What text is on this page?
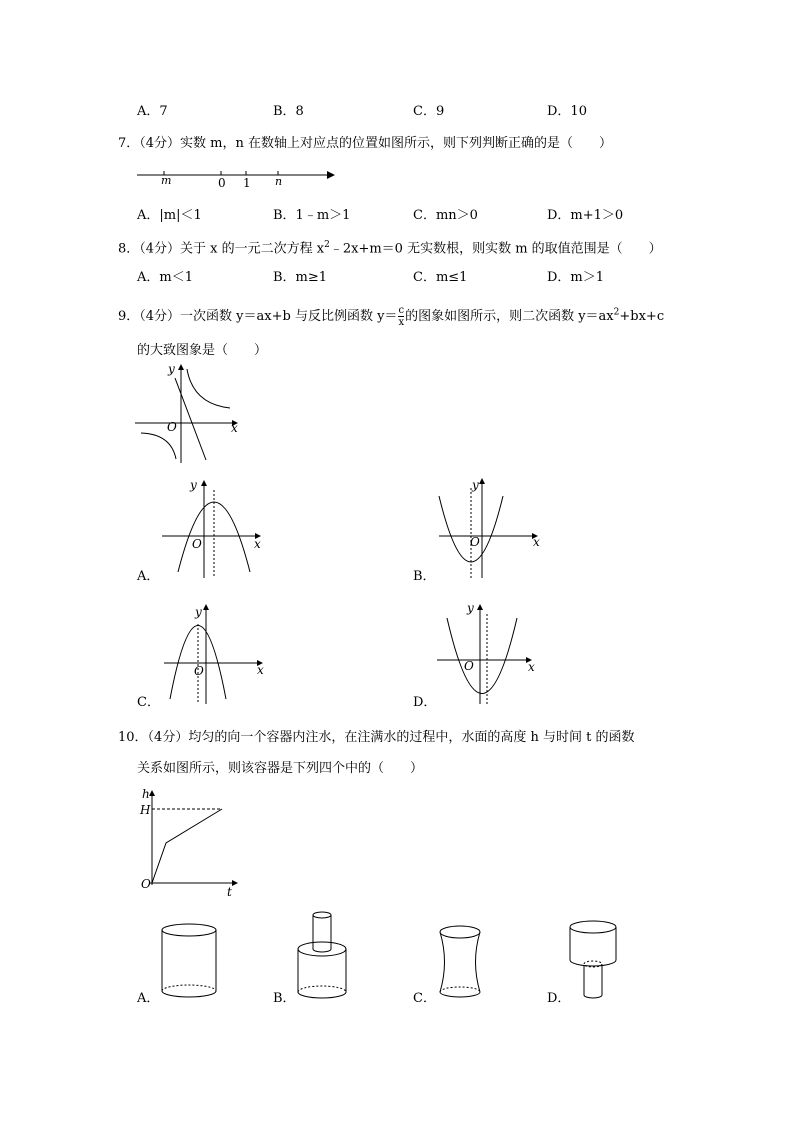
A．7	B．8	C．9	D．10
7．（4分）实数 m，n 在数轴上对应点的位置如图所示，则下列判断正确的是（　　）
m	0 1 n
A．|m|＜1	B．1﹣m＞1	C．mn＞0	D．m+1＞0
8．（4分）关于 x 的一元二次方程 $x^2﹣2x+m=0$ 无实数根，则实数 m 的取值范围是（　　）
A．m＜1	B．m≥1	C．m≤1	D．m＞1
9．（4分）一次函数 y＝ax+b 与反比例函数 $y= \frac{c}{x}$ 的图象如图所示，则二次函数 $y=ax^2+bx+c$
的大致图象是（　　）
y
x
O
y
x
O
A．
y
x
O
B．
y
x
O
C．
y
x
O
D．
10．（4分）均匀的向一个容器内注水，在注满水的过程中，水面的高度 h 与时间 t 的函数
关系如图所示，则该容器是下列四个中的（　　）
h
H
O
t
A．	B．	C．	D．
